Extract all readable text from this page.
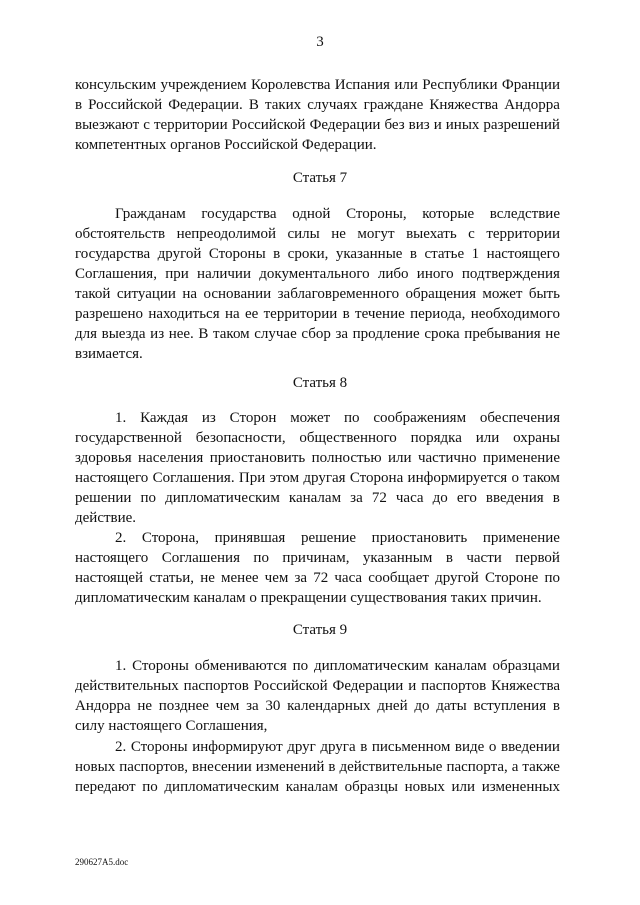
3
консульским учреждением Королевства Испания или Республики Франции
в Российской Федерации. В таких случаях граждане Княжества Андорра
выезжают с территории Российской Федерации без виз и иных разрешений
компетентных органов Российской Федерации.
Статья 7
Гражданам государства одной Стороны, которые вследствие
обстоятельств непреодолимой силы не могут выехать с территории
государства другой Стороны в сроки, указанные в статье 1 настоящего
Соглашения, при наличии документального либо иного подтверждения
такой ситуации на основании заблаговременного обращения может быть
разрешено находиться на ее территории в течение периода, необходимого
для выезда из нее. В таком случае сбор за продление срока пребывания не
взимается.
Статья 8
1. Каждая из Сторон может по соображениям обеспечения
государственной безопасности, общественного порядка или охраны
здоровья населения приостановить полностью или частично применение
настоящего Соглашения. При этом другая Сторона информируется о таком
решении по дипломатическим каналам за 72 часа до его введения в
действие.
2. Сторона, принявшая решение приостановить применение
настоящего Соглашения по причинам, указанным в части первой
настоящей статьи, не менее чем за 72 часа сообщает другой Стороне по
дипломатическим каналам о прекращении существования таких причин.
Статья 9
1. Стороны обмениваются по дипломатическим каналам образцами
действительных паспортов Российской Федерации и паспортов Княжества
Андорра не позднее чем за 30 календарных дней до даты вступления в
силу настоящего Соглашения,
2. Стороны информируют друг друга в письменном виде о введении
новых паспортов, внесении изменений в действительные паспорта, а также
передают по дипломатическим каналам образцы новых или измененных
290627A5.doc
